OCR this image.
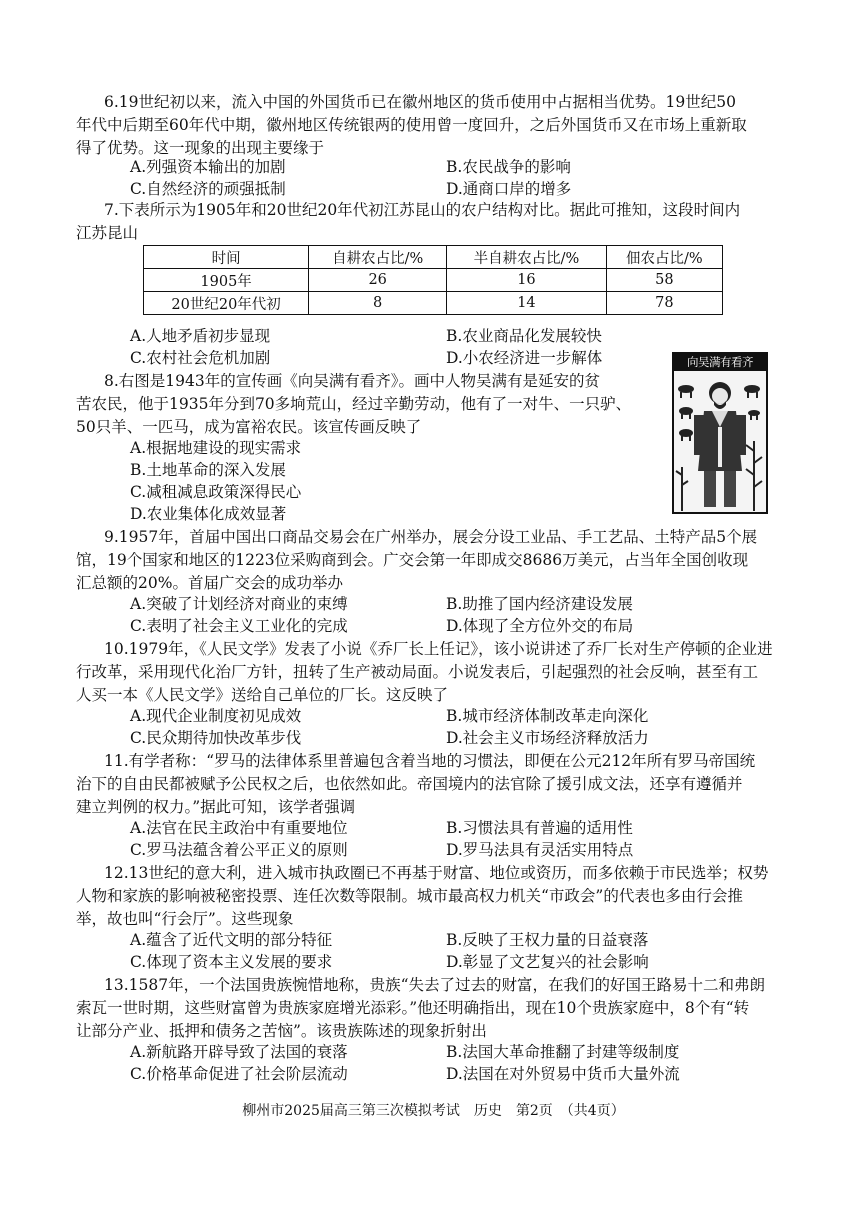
6.19世纪初以来，流入中国的外国货币已在徽州地区的货币使用中占据相当优势。19世纪50
年代中后期至60年代中期，徽州地区传统银两的使用曾一度回升，之后外国货币又在市场上重新取
得了优势。这一现象的出现主要缘于
A.列强资本输出的加剧	B.农民战争的影响
C.自然经济的顽强抵制	D.通商口岸的增多
7.下表所示为1905年和20世纪20年代初江苏昆山的农户结构对比。据此可推知，这段时间内
江苏昆山
时间	自耕农占比/%	半自耕农占比/%	佃农占比/%
1905年	26	16	58
20世纪20年代初	8	14	78
A.人地矛盾初步显现	B.农业商品化发展较快
C.农村社会危机加剧	D.小农经济进一步解体
8.右图是1943年的宣传画《向吴满有看齐》。画中人物吴满有是延安的贫
苦农民，他于1935年分到70多垧荒山，经过辛勤劳动，他有了一对牛、一只驴、
50只羊、一匹马，成为富裕农民。该宣传画反映了
A.根据地建设的现实需求
B.土地革命的深入发展
C.减租减息政策深得民心
D.农业集体化成效显著
向吴满有看齐
9.1957年，首届中国出口商品交易会在广州举办，展会分设工业品、手工艺品、土特产品5个展
馆，19个国家和地区的1223位采购商到会。广交会第一年即成交8686万美元，占当年全国创收现
汇总额的20%。首届广交会的成功举办
A.突破了计划经济对商业的束缚	B.助推了国内经济建设发展
C.表明了社会主义工业化的完成	D.体现了全方位外交的布局
10.1979年，《人民文学》发表了小说《乔厂长上任记》，该小说讲述了乔厂长对生产停顿的企业进
行改革，采用现代化治厂方针，扭转了生产被动局面。小说发表后，引起强烈的社会反响，甚至有工
人买一本《人民文学》送给自己单位的厂长。这反映了
A.现代企业制度初见成效	B.城市经济体制改革走向深化
C.民众期待加快改革步伐	D.社会主义市场经济释放活力
11.有学者称：“罗马的法律体系里普遍包含着当地的习惯法，即便在公元212年所有罗马帝国统
治下的自由民都被赋予公民权之后，也依然如此。帝国境内的法官除了援引成文法，还享有遵循并
建立判例的权力。”据此可知，该学者强调
A.法官在民主政治中有重要地位	B.习惯法具有普遍的适用性
C.罗马法蕴含着公平正义的原则	D.罗马法具有灵活实用特点
12.13世纪的意大利，进入城市执政圈已不再基于财富、地位或资历，而多依赖于市民选举；权势
人物和家族的影响被秘密投票、连任次数等限制。城市最高权力机关“市政会”的代表也多由行会推
举，故也叫“行会厅”。这些现象
A.蕴含了近代文明的部分特征	B.反映了王权力量的日益衰落
C.体现了资本主义发展的要求	D.彰显了文艺复兴的社会影响
13.1587年，一个法国贵族惋惜地称，贵族“失去了过去的财富，在我们的好国王路易十二和弗朗
索瓦一世时期，这些财富曾为贵族家庭增光添彩。”他还明确指出，现在10个贵族家庭中，8个有“转
让部分产业、抵押和债务之苦恼”。该贵族陈述的现象折射出
A.新航路开辟导致了法国的衰落	B.法国大革命推翻了封建等级制度
C.价格革命促进了社会阶层流动	D.法国在对外贸易中货币大量外流
柳州市2025届高三第三次模拟考试　历史　第2页　（共4页）
